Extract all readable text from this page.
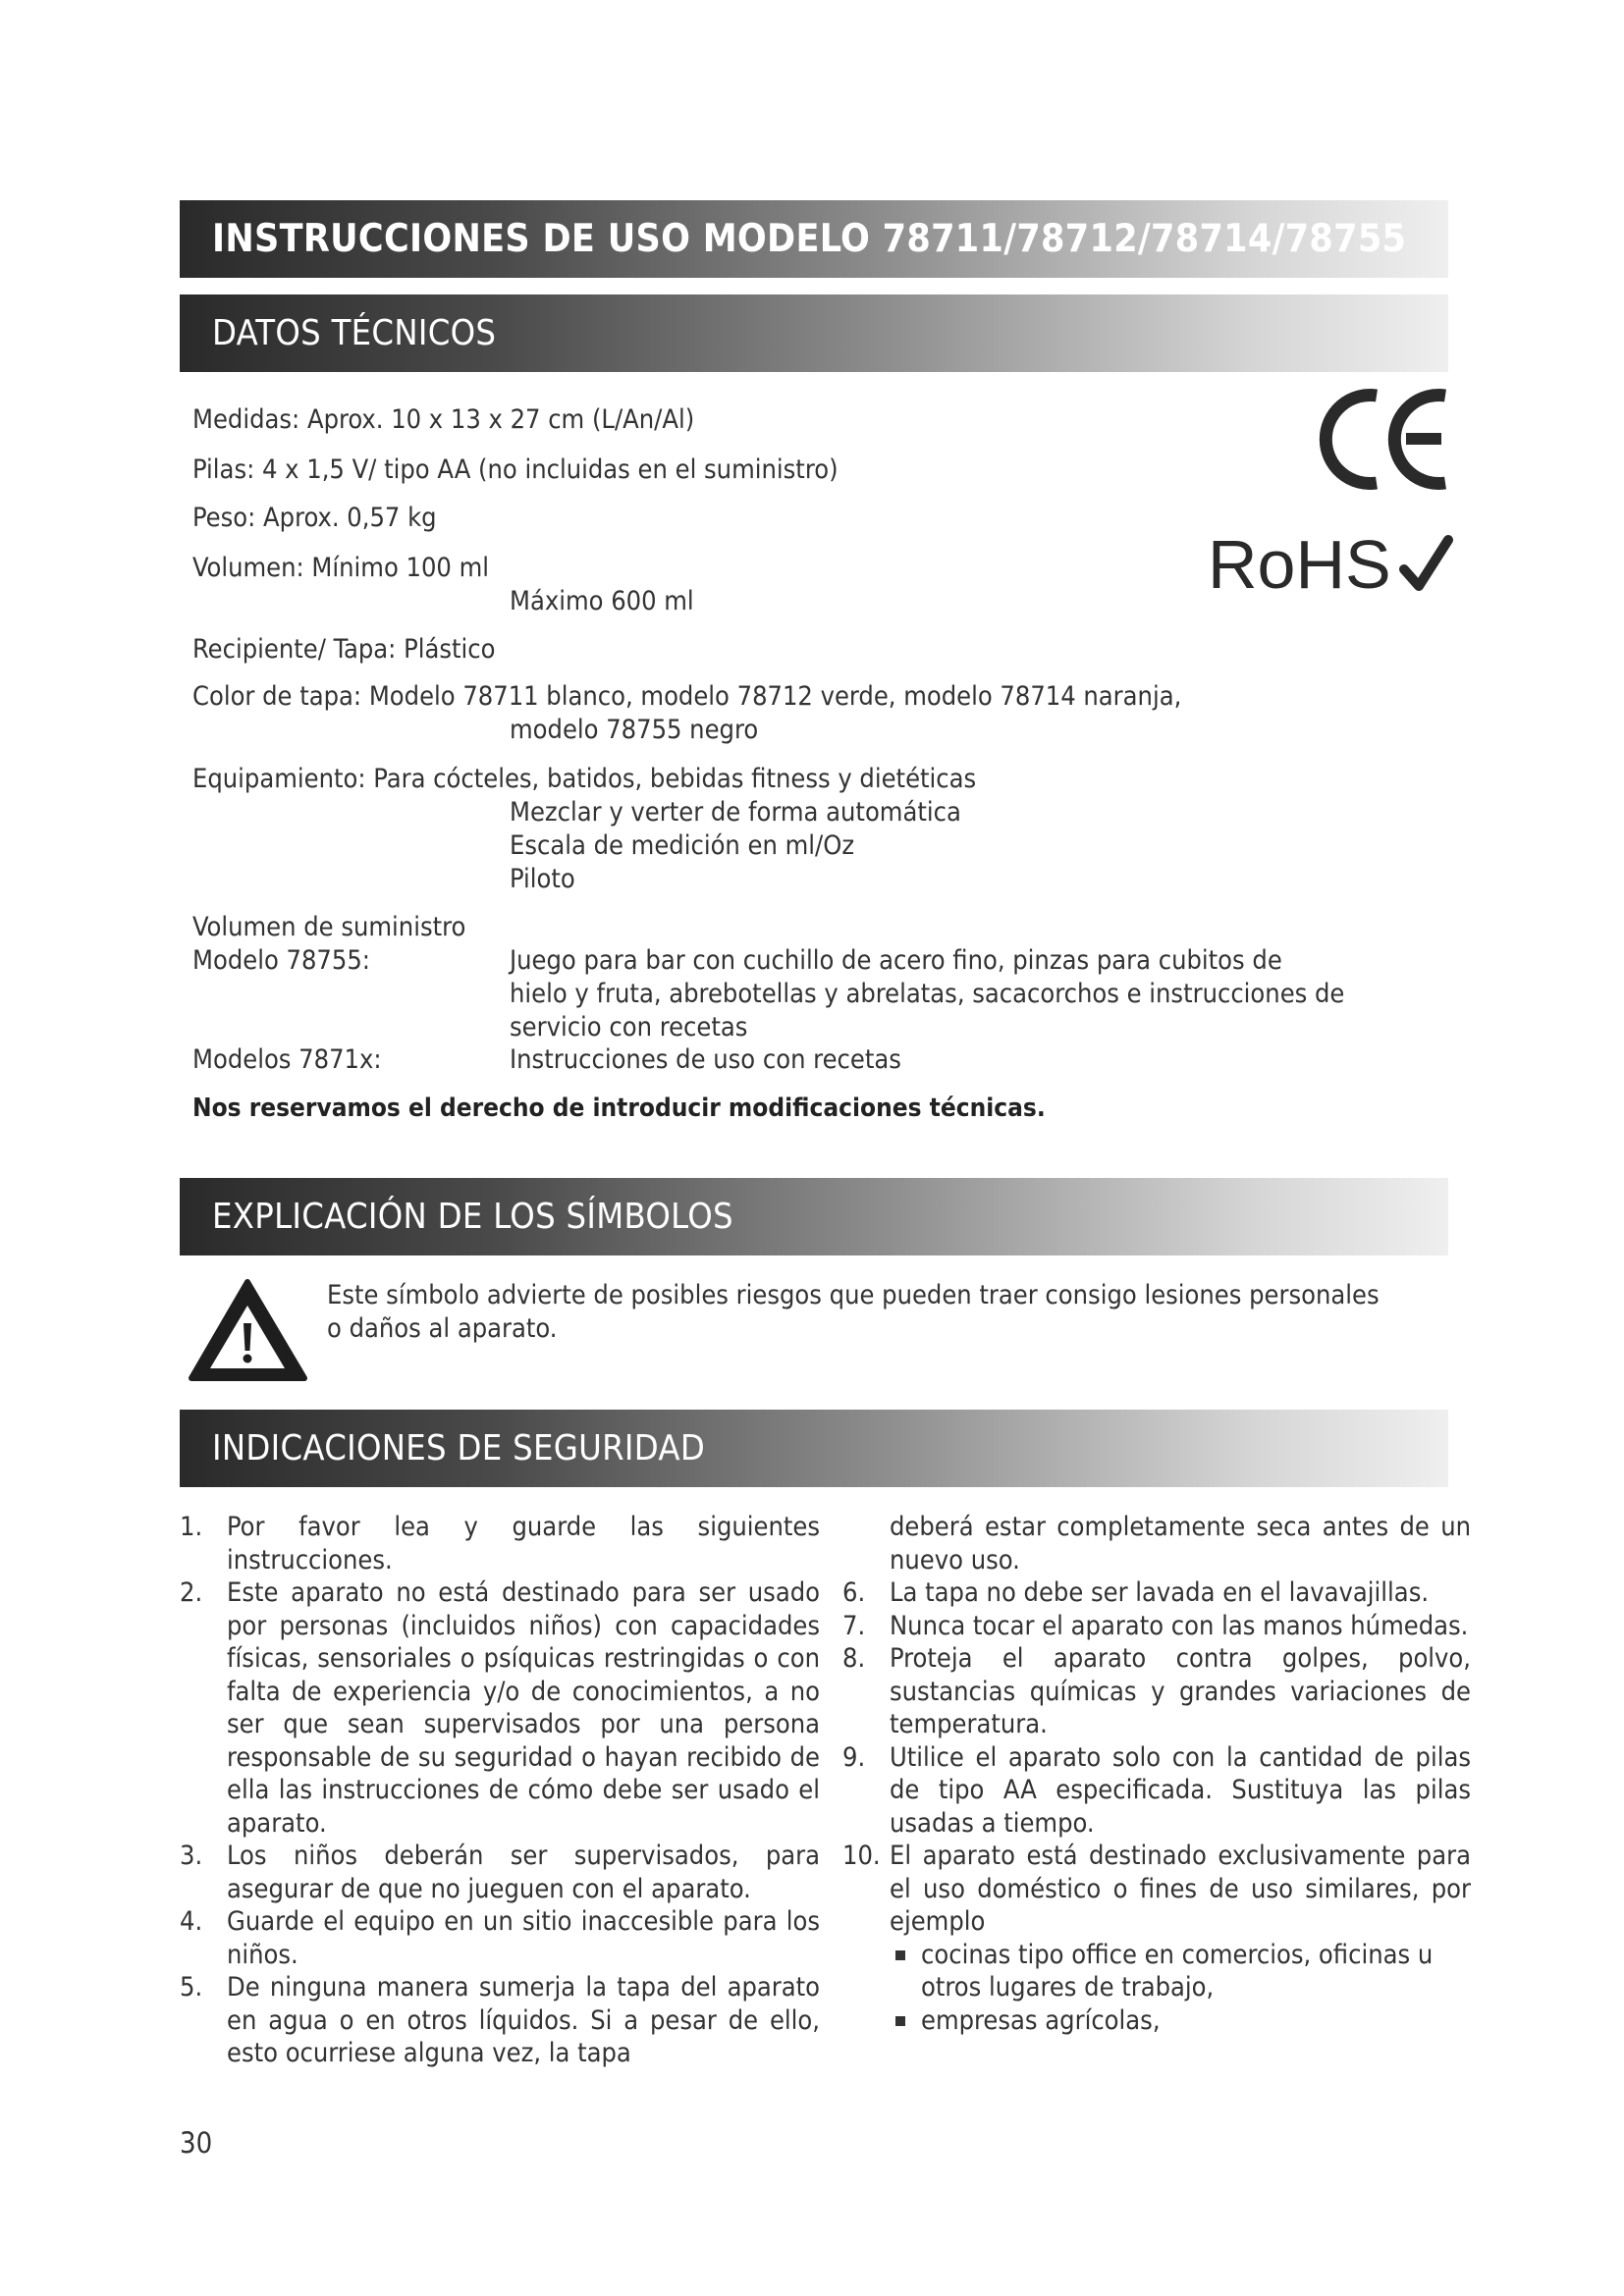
INSTRUCCIONES DE USO MODELO 78711/78712/78714/78755
DATOS TÉCNICOS
Medidas: Aprox. 10 x 13 x 27 cm (L/An/Al)
Pilas: 4 x 1,5 V/ tipo AA (no incluidas en el suministro)
Peso: Aprox. 0,57 kg
Volumen: Mínimo 100 ml
Máximo 600 ml
Recipiente/ Tapa: Plástico
Color de tapa: Modelo 78711 blanco, modelo 78712 verde, modelo 78714 naranja,
modelo 78755 negro
Equipamiento: Para cócteles, batidos, bebidas fitness y dietéticas
Mezclar y verter de forma automática
Escala de medición en ml/Oz
Piloto
Volumen de suministro
Modelo 78755:	Juego para bar con cuchillo de acero fino, pinzas para cubitos de
hielo y fruta, abrebotellas y abrelatas, sacacorchos e instrucciones de
servicio con recetas
Modelos 7871x:	Instrucciones de uso con recetas
Nos reservamos el derecho de introducir modificaciones técnicas.
RoHS
EXPLICACIÓN DE LOS SÍMBOLOS
Este símbolo advierte de posibles riesgos que pueden traer consigo lesiones personales
o daños al aparato.
INDICACIONES DE SEGURIDAD
1. Por favor lea y guarde las siguientes instrucciones.
2. Este aparato no está destinado para ser usado por personas (incluidos niños) con capacidades físicas, sensoriales o psíquicas restringidas o con falta de experiencia y/o de conocimientos, a no ser que sean supervisados por una persona responsable de su seguridad o hayan recibido de ella las instrucciones de cómo debe ser usado el aparato.
3. Los niños deberán ser supervisados, para asegurar de que no jueguen con el aparato.
4. Guarde el equipo en un sitio inaccesible para los niños.
5. De ninguna manera sumerja la tapa del aparato en agua o en otros líquidos. Si a pesar de ello, esto ocurriese alguna vez, la tapa
deberá estar completamente seca antes de un nuevo uso.
6. La tapa no debe ser lavada en el lavavajillas.
7. Nunca tocar el aparato con las manos húmedas.
8. Proteja el aparato contra golpes, polvo, sustancias químicas y grandes variaciones de temperatura.
9. Utilice el aparato solo con la cantidad de pilas de tipo AA especificada. Sustituya las pilas usadas a tiempo.
10. El aparato está destinado exclusivamente para el uso doméstico o fines de uso similares, por ejemplo
cocinas tipo office en comercios, oficinas u otros lugares de trabajo,
empresas agrícolas,
30
